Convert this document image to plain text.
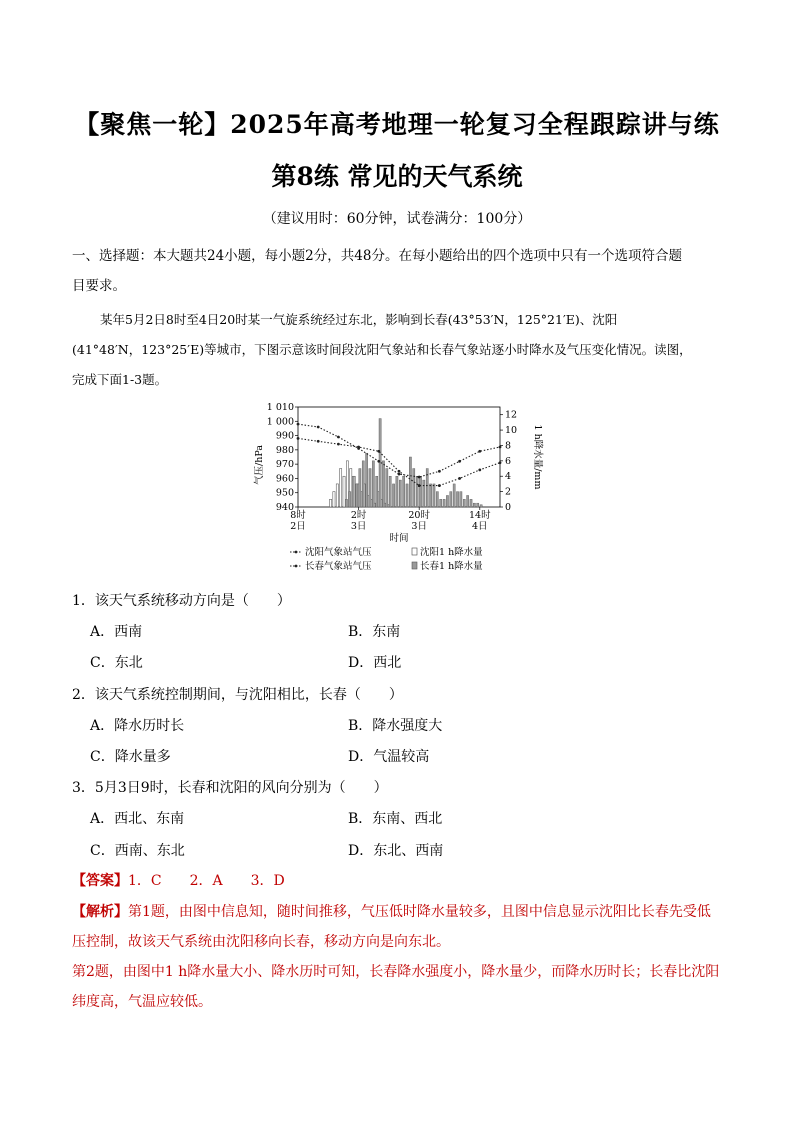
【聚焦一轮】2025年高考地理一轮复习全程跟踪讲与练
第8练 常见的天气系统
（建议用时：60分钟，试卷满分：100分）
一、选择题：本大题共24小题，每小题2分，共48分。在每小题给出的四个选项中只有一个选项符合题
目要求。
某年5月2日8时至4日20时某一气旋系统经过东北，影响到长春(43°53′N，125°21′E)、沈阳
(41°48′N，123°25′E)等城市，下图示意该时间段沈阳气象站和长春气象站逐小时降水及气压变化情况。读图，
完成下面1-3题。
1 010
1 000
990
980
970
960
950
940
12
10
8
6
4
2
0
气压/hPa	1 h降水量/mm
8时
2日
2时
3日
20时
3日
14时
4日
时间
沈阳气象站气压	沈阳1 h降水量
长春气象站气压	长春1 h降水量
1．该天气系统移动方向是（　　）
A．西南	B．东南
C．东北	D．西北
2．该天气系统控制期间，与沈阳相比，长春（　　）
A．降水历时长	B．降水强度大
C．降水量多	D．气温较高
3．5月3日9时，长春和沈阳的风向分别为（　　）
A．西北、东南	B．东南、西北
C．西南、东北	D．东北、西南
【答案】1．C　　2．A　　3．D
【解析】第1题，由图中信息知，随时间推移，气压低时降水量较多，且图中信息显示沈阳比长春先受低
压控制，故该天气系统由沈阳移向长春，移动方向是向东北。
第2题，由图中1 h降水量大小、降水历时可知，长春降水强度小，降水量少，而降水历时长；长春比沈阳
纬度高，气温应较低。
